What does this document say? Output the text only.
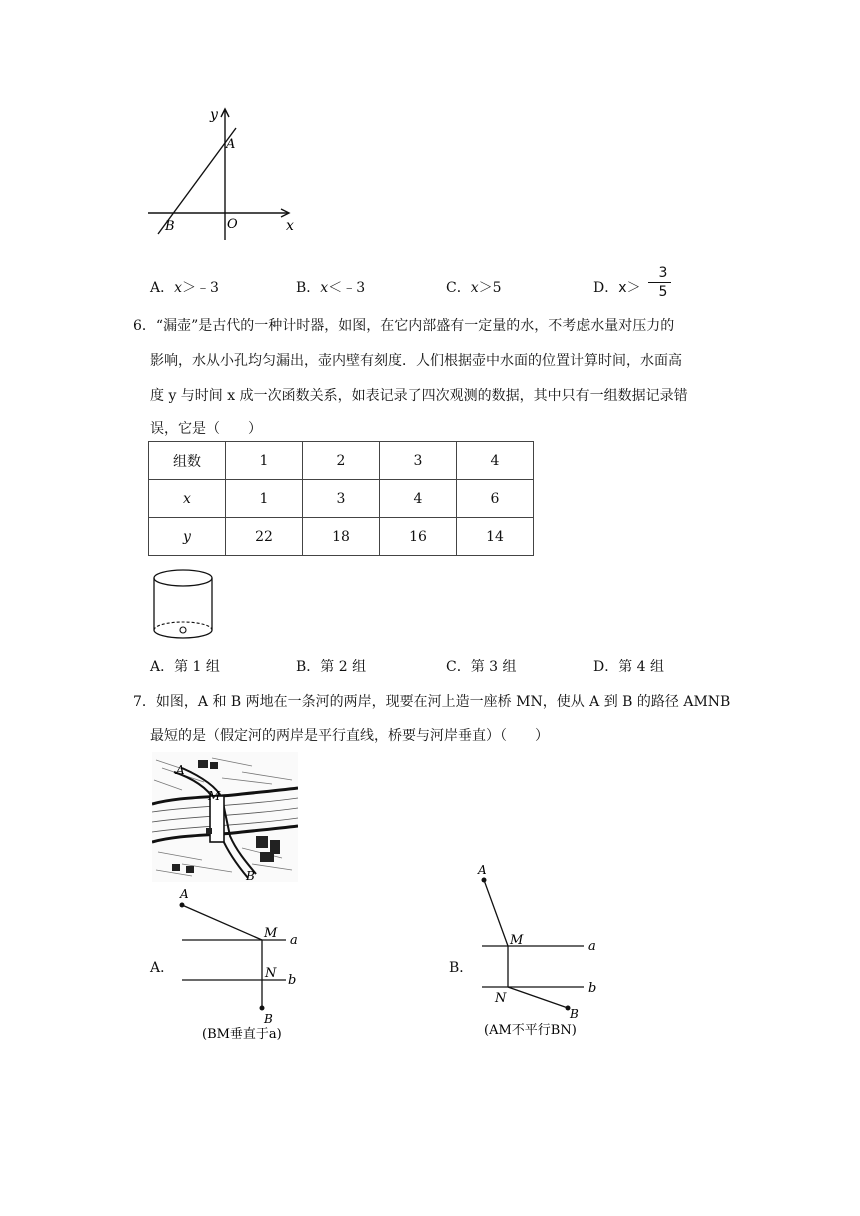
x
y
A
B	O
A．x＞﹣3	B．x＜﹣3	C．x＞5	D．x＞
3
5
6．“漏壶”是古代的一种计时器，如图，在它内部盛有一定量的水，不考虑水量对压力的
影响，水从小孔均匀漏出，壶内壁有刻度．人们根据壶中水面的位置计算时间，水面高
度 y 与时间 x 成一次函数关系，如表记录了四次观测的数据，其中只有一组数据记录错
误，它是（　　）
组数	1	2	3	4
x	1	3	4	6
y	22	18	16	14
A．第 1 组	B．第 2 组	C．第 3 组	D．第 4 组
7．如图，A 和 B 两地在一条河的两岸，现要在河上造一座桥 MN，使从 A 到 B 的路径 AMNB
最短的是（假定河的两岸是平行直线，桥要与河岸垂直）（　　）
A
M
B
A．
A
M
N
B
a
b
(BM垂直于a)
B．
A
M
N
B
a
b
(AM不平行BN)
